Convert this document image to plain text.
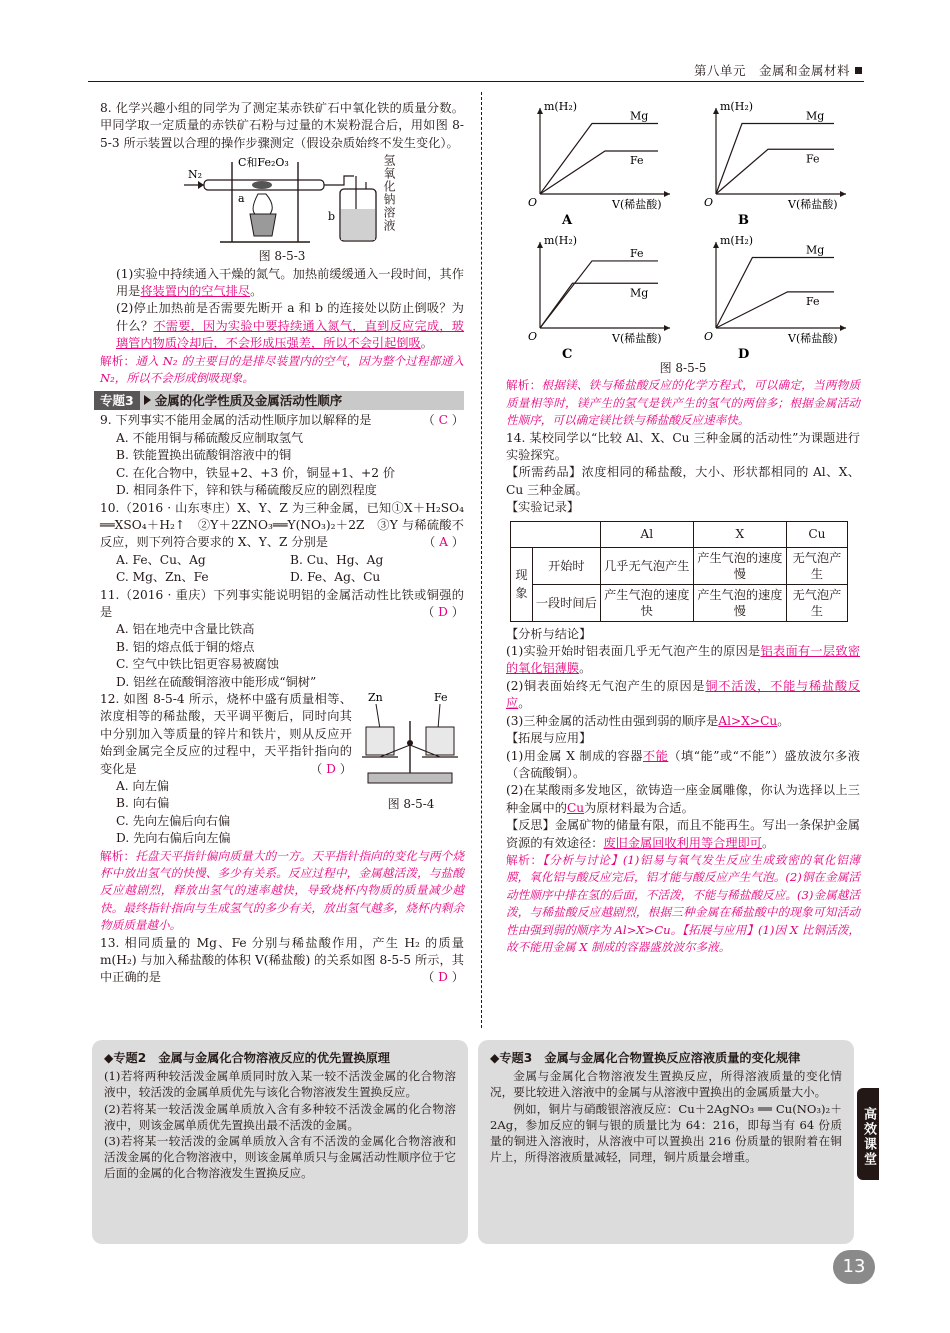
第八单元　金属和金属材料

8. 化学兴趣小组的同学为了测定某赤铁矿石中氧化铁的质量分数。甲同学取一定质量的赤铁矿石粉与过量的木炭粉混合后，用如图 8-5-3 所示装置以合理的操作步骤测定（假设杂质始终不发生变化）。

N₂
C和Fe₂O₃
a
b	氢氧化钠溶液
图 8-5-3

(1)实验中持续通入干燥的氮气。加热前缓缓通入一段时间，其作用是将装置内的空气排尽。

(2)停止加热前是否需要先断开 a 和 b 的连接处以防止倒吸？为什么？不需要，因为实验中要持续通入氮气，直到反应完成，玻璃管内物质冷却后，不会形成压强差，所以不会引起倒吸。

解析：通入 N₂ 的主要目的是排尽装置内的空气，因为整个过程都通入 N₂，所以不会形成倒吸现象。

专题3 金属的化学性质及金属活动性顺序

9. 下列事实不能用金属的活动性顺序加以解释的是	（ C ）

A. 不能用铜与稀硫酸反应制取氢气

B. 铁能置换出硫酸铜溶液中的铜

C. 在化合物中，铁显+2、+3 价，铜显+1、+2 价

D. 相同条件下，锌和铁与稀硫酸反应的剧烈程度

10.（2016 · 山东枣庄）X、Y、Z 为三种金属，已知①X＋H₂SO₄ ══XSO₄＋H₂↑　②Y＋2ZNO₃══Y(NO₃)₂＋2Z　③Y 与稀硫酸不反应，则下列符合要求的 X、Y、Z 分别是	（ A ）

A. Fe、Cu、Ag	B. Cu、Hg、Ag
C. Mg、Zn、Fe	D. Fe、Ag、Cu

11.（2016 · 重庆）下列事实能说明铝的金属活动性比铁或铜强的是	（ D ）

A. 铝在地壳中含量比铁高

B. 铝的熔点低于铜的熔点

C. 空气中铁比铝更容易被腐蚀

D. 铝丝在硫酸铜溶液中能形成“铜树”

12. 如图 8-5-4 所示，烧杯中盛有质量相等、浓度相等的稀盐酸，天平调平衡后，同时向其中分别加入等质量的锌片和铁片，则从反应开始到金属完全反应的过程中，天平指针指向的变化是	（ D ）

A. 向左偏

B. 向右偏

C. 先向左偏后向右偏

D. 先向右偏后向左偏

Zn	Fe
图 8-5-4

解析：托盘天平指针偏向质量大的一方。天平指针指向的变化与两个烧杯中放出氢气的快慢、多少有关系。反应过程中，金属越活泼，与盐酸反应越剧烈，释放出氢气的速率越快，导致烧杯内物质的质量减少越快。最终指针指向与生成氢气的多少有关，放出氢气越多，烧杯内剩余物质质量越小。

13. 相同质量的 Mg、Fe 分别与稀盐酸作用，产生 H₂ 的质量 m(H₂) 与加入稀盐酸的体积 V(稀盐酸) 的关系如图 8-5-5 所示，其中正确的是	（ D ）

Mg
Fe
m(H₂)
V(稀盐酸)
O
A
Mg
Fe
m(H₂)
V(稀盐酸)
O
B
Fe
Mg
m(H₂)
V(稀盐酸)
O
C
Mg
Fe
m(H₂)
V(稀盐酸)
O
D
图 8-5-5

解析：根据镁、铁与稀盐酸反应的化学方程式，可以确定，当两物质质量相等时，镁产生的氢气是铁产生的氢气的两倍多；根据金属活动性顺序，可以确定镁比铁与稀盐酸反应速率快。

14. 某校同学以“比较 Al、X、Cu 三种金属的活动性”为课题进行实验探究。

【所需药品】浓度相同的稀盐酸，大小、形状都相同的 Al、X、Cu 三种金属。

【实验记录】

		Al	X	Cu
现象	开始时	几乎无气泡产生	产生气泡的速度慢	无气泡产生
	一段时间后	产生气泡的速度快	产生气泡的速度慢	无气泡产生

【分析与结论】

(1)实验开始时铝表面几乎无气泡产生的原因是铝表面有一层致密的氧化铝薄膜。

(2)铜表面始终无气泡产生的原因是铜不活泼，不能与稀盐酸反应。

(3)三种金属的活动性由强到弱的顺序是Al>X>Cu。

【拓展与应用】

(1)用金属 X 制成的容器不能（填“能”或“不能”）盛放波尔多液（含硫酸铜）。

(2)在某酸雨多发地区，欲铸造一座金属雕像，你认为选择以上三种金属中的Cu为原材料最为合适。

【反思】金属矿物的储量有限，而且不能再生。写出一条保护金属资源的有效途径：废旧金属回收利用等合理即可。

解析：【分析与讨论】(1)铝易与氧气发生反应生成致密的氧化铝薄膜，氧化铝与酸反应完后，铝才能与酸反应产生气泡。(2)铜在金属活动性顺序中排在氢的后面，不活泼，不能与稀盐酸反应。(3)金属越活泼，与稀盐酸反应越剧烈，根据三种金属在稀盐酸中的现象可知活动性由强到弱的顺序为 Al>X>Cu。【拓展与应用】(1)因 X 比铜活泼，故不能用金属 X 制成的容器盛放波尔多液。

◆专题2　金属与金属化合物溶液反应的优先置换原理

(1)若将两种较活泼金属单质同时放入某一较不活泼金属的化合物溶液中，较活泼的金属单质优先与该化合物溶液发生置换反应。

(2)若将某一较活泼金属单质放入含有多种较不活泼金属的化合物溶液中，则该金属单质优先置换出最不活泼的金属。

(3)若将某一较活泼的金属单质放入含有不活泼的金属化合物溶液和活泼金属的化合物溶液中，则该金属单质只与金属活动性顺序位于它后面的金属的化合物溶液发生置换反应。

◆专题3　金属与金属化合物置换反应溶液质量的变化规律

金属与金属化合物溶液发生置换反应，所得溶液质量的变化情况，要比较进入溶液中的金属与从溶液中置换出的金属质量大小。

例如，铜片与硝酸银溶液反应：Cu＋2AgNO₃ ══ Cu(NO₃)₂＋2Ag，参加反应的铜与银的质量比为 64：216，即每当有 64 份质量的铜进入溶液时，从溶液中可以置换出 216 份质量的银附着在铜片上，所得溶液质量减轻，同理，铜片质量会增重。	高效课堂
13
